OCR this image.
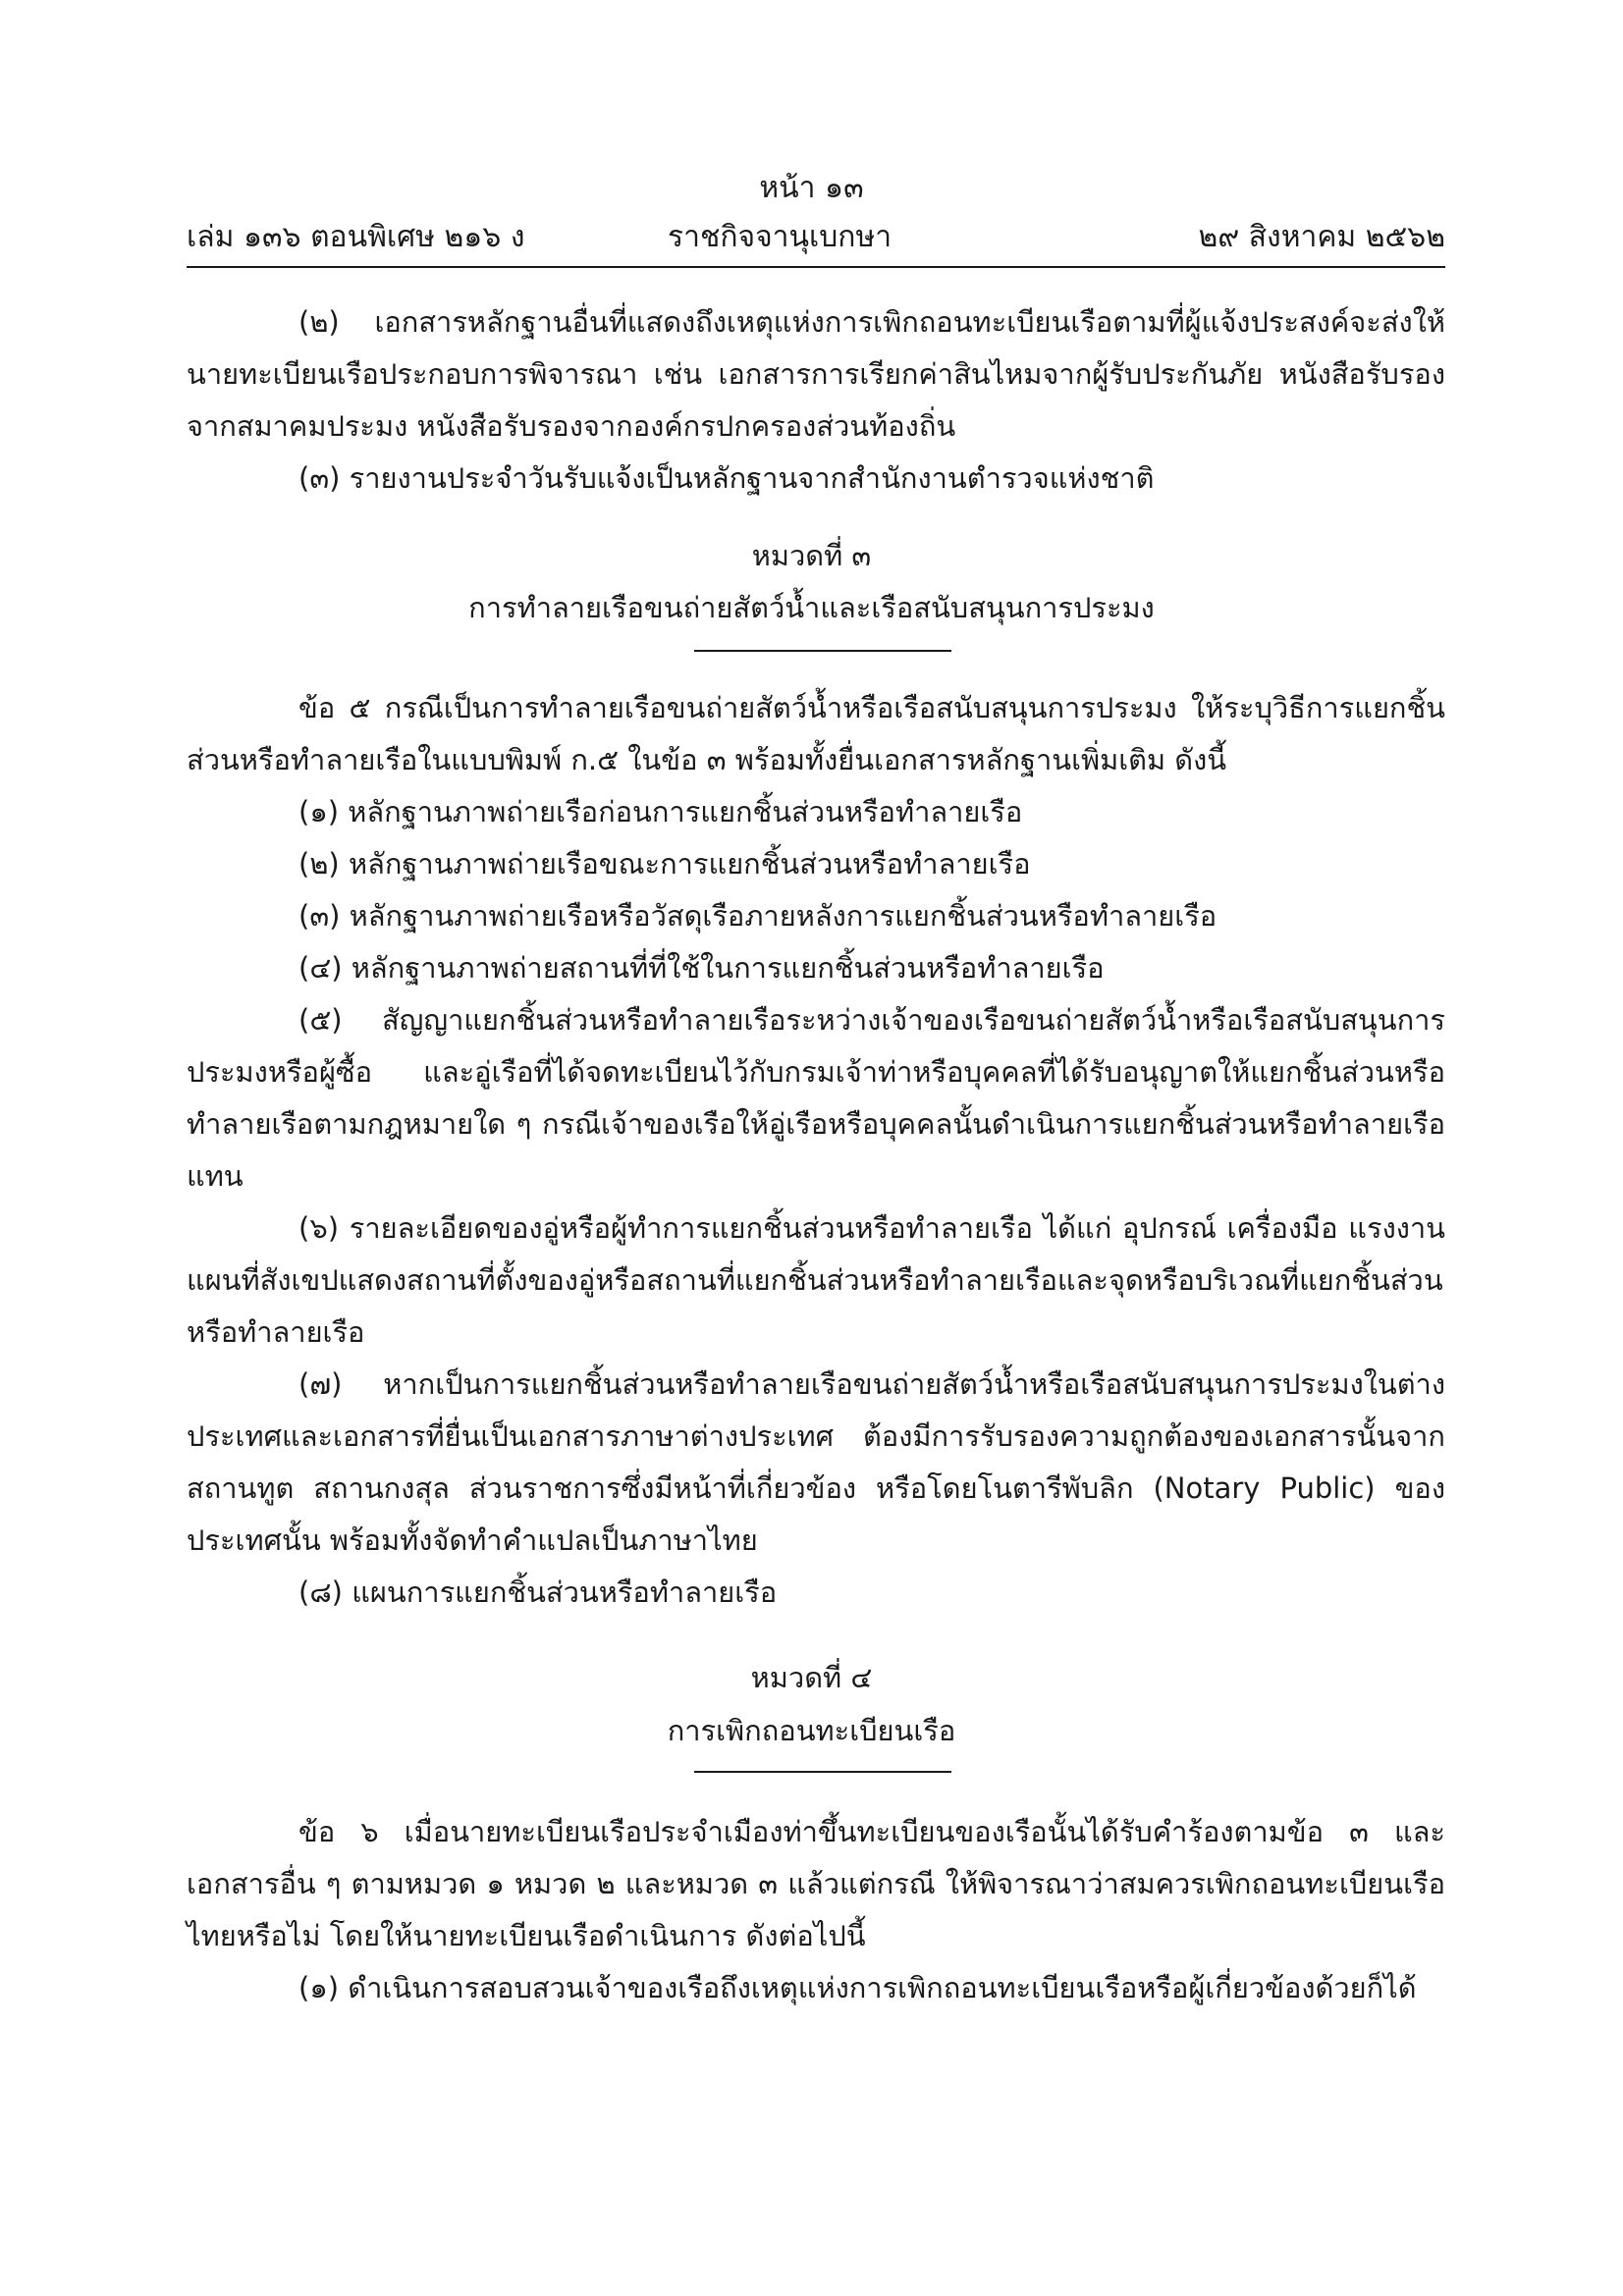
หน้า ๑๓
เล่ม ๑๓๖ ตอนพิเศษ ๒๑๖ ง	ราชกิจจานุเบกษา	๒๙ สิงหาคม ๒๕๖๒

(๒) เอกสารหลักฐานอื่นที่แสดงถึงเหตุแห่งการเพิกถอนทะเบียนเรือตามที่ผู้แจ้งประสงค์จะส่งให้นายทะเบียนเรือประกอบการพิจารณา เช่น เอกสารการเรียกค่าสินไหมจากผู้รับประกันภัย หนังสือรับรองจากสมาคมประมง หนังสือรับรองจากองค์กรปกครองส่วนท้องถิ่น

(๓) รายงานประจำวันรับแจ้งเป็นหลักฐานจากสำนักงานตำรวจแห่งชาติ

หมวดที่ ๓
การทำลายเรือขนถ่ายสัตว์น้ำและเรือสนับสนุนการประมง

ข้อ ๕ กรณีเป็นการทำลายเรือขนถ่ายสัตว์น้ำหรือเรือสนับสนุนการประมง ให้ระบุวิธีการแยกชิ้นส่วนหรือทำลายเรือในแบบพิมพ์ ก.๕ ในข้อ ๓ พร้อมทั้งยื่นเอกสารหลักฐานเพิ่มเติม ดังนี้

(๑) หลักฐานภาพถ่ายเรือก่อนการแยกชิ้นส่วนหรือทำลายเรือ

(๒) หลักฐานภาพถ่ายเรือขณะการแยกชิ้นส่วนหรือทำลายเรือ

(๓) หลักฐานภาพถ่ายเรือหรือวัสดุเรือภายหลังการแยกชิ้นส่วนหรือทำลายเรือ

(๔) หลักฐานภาพถ่ายสถานที่ที่ใช้ในการแยกชิ้นส่วนหรือทำลายเรือ

(๕) สัญญาแยกชิ้นส่วนหรือทำลายเรือระหว่างเจ้าของเรือขนถ่ายสัตว์น้ำหรือเรือสนับสนุนการประมงหรือผู้ซื้อ และอู่เรือที่ได้จดทะเบียนไว้กับกรมเจ้าท่าหรือบุคคลที่ได้รับอนุญาตให้แยกชิ้นส่วนหรือทำลายเรือตามกฎหมายใด ๆ กรณีเจ้าของเรือให้อู่เรือหรือบุคคลนั้นดำเนินการแยกชิ้นส่วนหรือทำลายเรือแทน

(๖) รายละเอียดของอู่หรือผู้ทำการแยกชิ้นส่วนหรือทำลายเรือ ได้แก่ อุปกรณ์ เครื่องมือ แรงงาน แผนที่สังเขปแสดงสถานที่ตั้งของอู่หรือสถานที่แยกชิ้นส่วนหรือทำลายเรือและจุดหรือบริเวณที่แยกชิ้นส่วนหรือทำลายเรือ

(๗) หากเป็นการแยกชิ้นส่วนหรือทำลายเรือขนถ่ายสัตว์น้ำหรือเรือสนับสนุนการประมงในต่างประเทศและเอกสารที่ยื่นเป็นเอกสารภาษาต่างประเทศ ต้องมีการรับรองความถูกต้องของเอกสารนั้นจากสถานทูต สถานกงสุล ส่วนราชการซึ่งมีหน้าที่เกี่ยวข้อง หรือโดยโนตารีพับลิก (Notary Public) ของประเทศนั้น พร้อมทั้งจัดทำคำแปลเป็นภาษาไทย

(๘) แผนการแยกชิ้นส่วนหรือทำลายเรือ

หมวดที่ ๔
การเพิกถอนทะเบียนเรือ

ข้อ ๖ เมื่อนายทะเบียนเรือประจำเมืองท่าขึ้นทะเบียนของเรือนั้นได้รับคำร้องตามข้อ ๓ และเอกสารอื่น ๆ ตามหมวด ๑ หมวด ๒ และหมวด ๓ แล้วแต่กรณี ให้พิจารณาว่าสมควรเพิกถอนทะเบียนเรือไทยหรือไม่ โดยให้นายทะเบียนเรือดำเนินการ ดังต่อไปนี้

(๑) ดำเนินการสอบสวนเจ้าของเรือถึงเหตุแห่งการเพิกถอนทะเบียนเรือหรือผู้เกี่ยวข้องด้วยก็ได้
